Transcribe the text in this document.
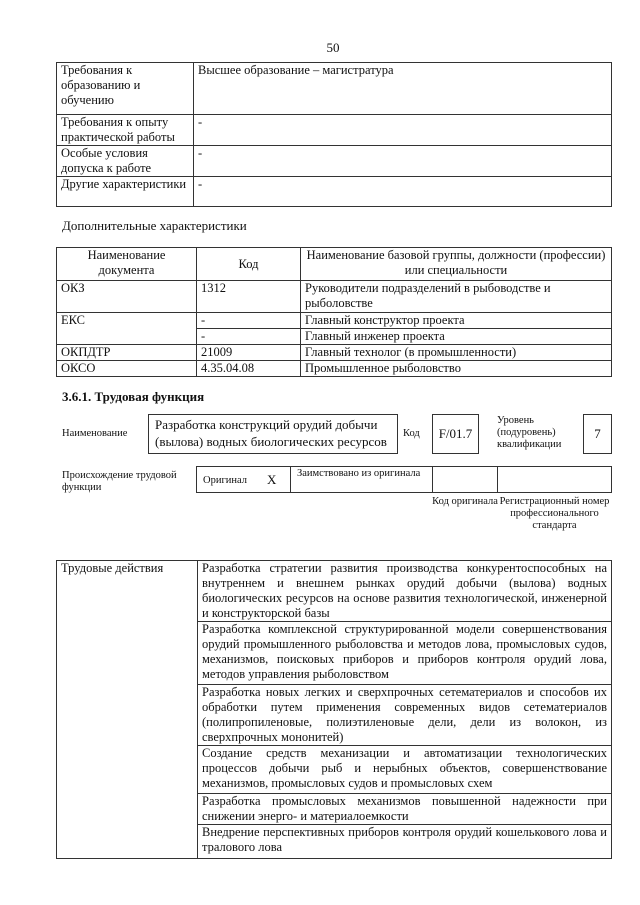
50
Требования к образованию и обучению	Высшее образование – магистратура
Требования к опыту практической работы	-
Особые условия допуска к работе	-
Другие характеристики	-
Дополнительные характеристики
Наименование документа	Код	Наименование базовой группы, должности (профессии) или специальности
ОКЗ	1312	Руководители подразделений в рыбоводстве и рыболовстве
ЕКС	-	Главный конструктор проекта
	-	Главный инженер проекта
ОКПДТР	21009	Главный технолог (в промышленности)
ОКСО	4.35.04.08	Промышленное рыболовство
3.6.1. Трудовая функция
Наименование
Разработка конструкций орудий добычи (вылова) водных биологических ресурсов
Код	F/01.7
Уровень (подуровень) квалификации
7
Происхождение трудовой функции
Оригинал X	Заимствовано из оригинала
Код оригинала Регистрационный номер профессионального стандарта
Трудовые действия	Разработка стратегии развития производства конкурентоспособных на внутреннем и внешнем рынках орудий добычи (вылова) водных биологических ресурсов на основе развития технологической, инженерной и конструкторской базы
Разработка комплексной структурированной модели совершенствования орудий промышленного рыболовства и методов лова, промысловых судов, механизмов, поисковых приборов и приборов контроля орудий лова, методов управления рыболовством
Разработка новых легких и сверхпрочных сетематериалов и способов их обработки путем применения современных видов сетематериалов (полипропиленовые, полиэтиленовые дели, дели из волокон, из сверхпрочных мононитей)
Создание средств механизации и автоматизации технологических процессов добычи рыб и нерыбных объектов, совершенствование механизмов, промысловых судов и промысловых схем
Разработка промысловых механизмов повышенной надежности при снижении энерго- и материалоемкости
Внедрение перспективных приборов контроля орудий кошелькового лова и тралового лова
